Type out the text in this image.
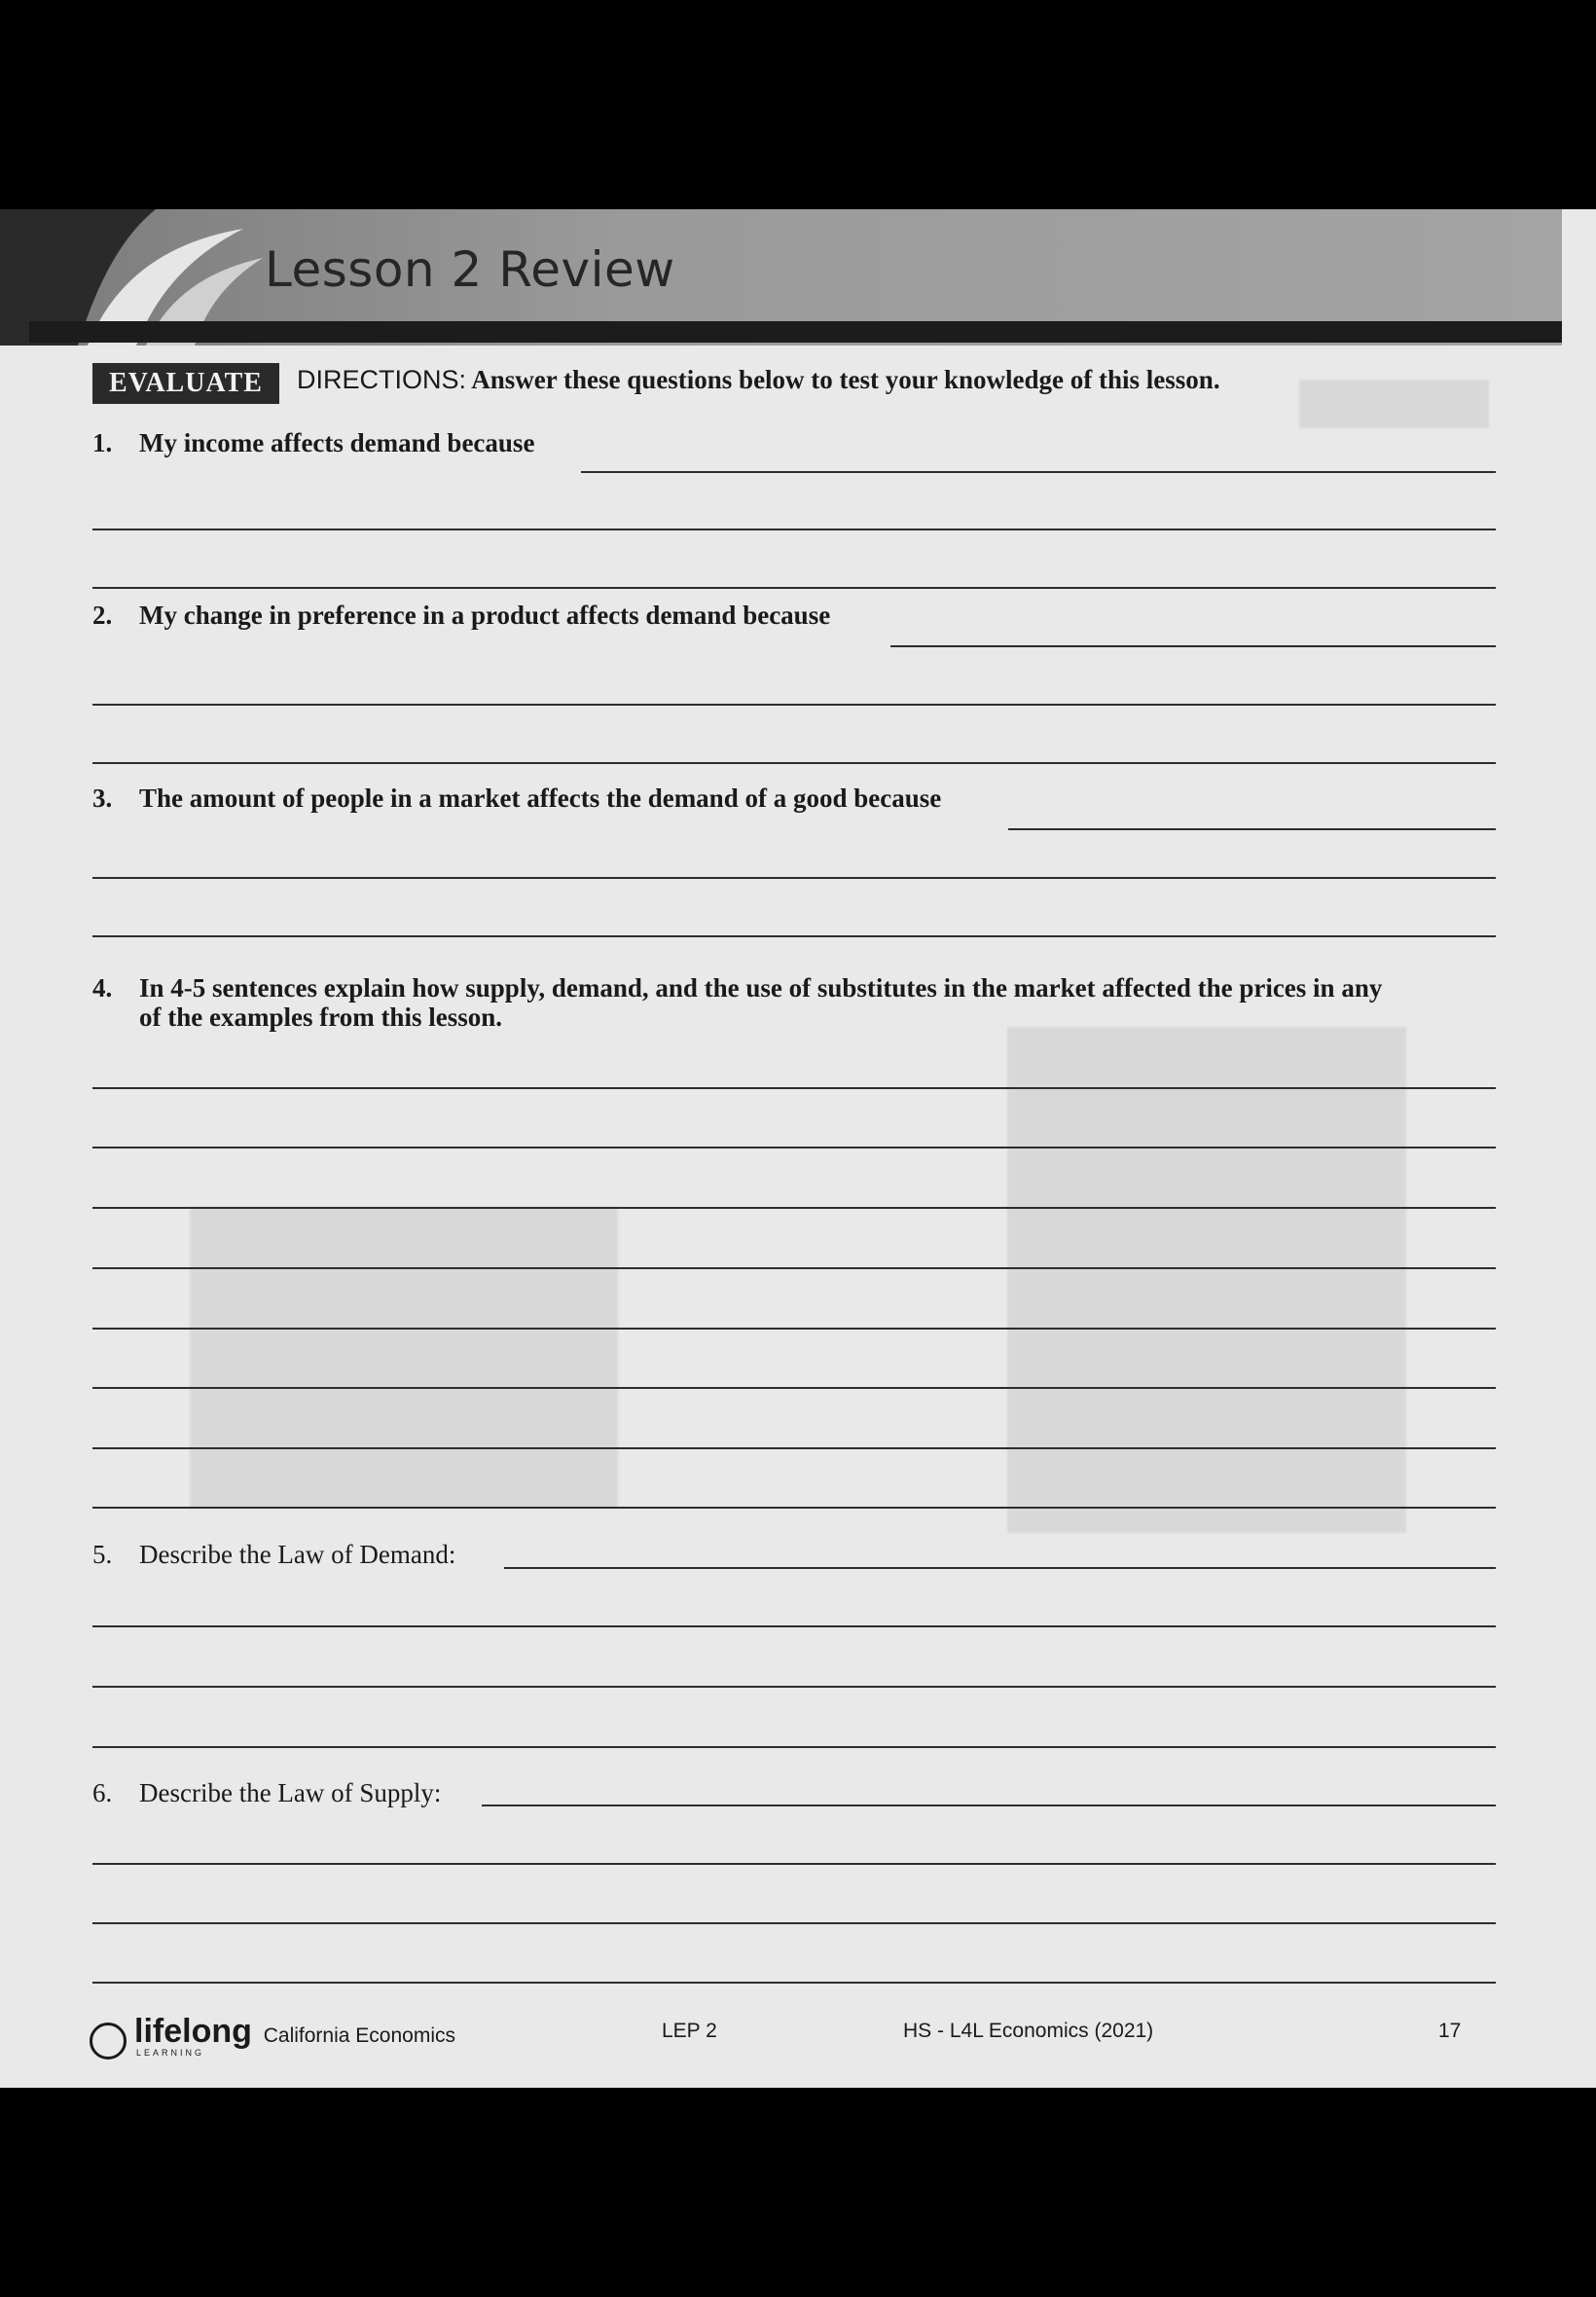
Lesson 2 Review
EVALUATE	DIRECTIONS: Answer these questions below to test your knowledge of this lesson.
1. My income affects demand because
2. My change in preference in a product affects demand because
3. The amount of people in a market affects the demand of a good because
4. In 4-5 sentences explain how supply, demand, and the use of substitutes in the market affected the prices in any
of the examples from this lesson.
5. Describe the Law of Demand:
6. Describe the Law of Supply:
lifelong California Economics
LEARNING
LEP 2	HS - L4L Economics (2021)	17
